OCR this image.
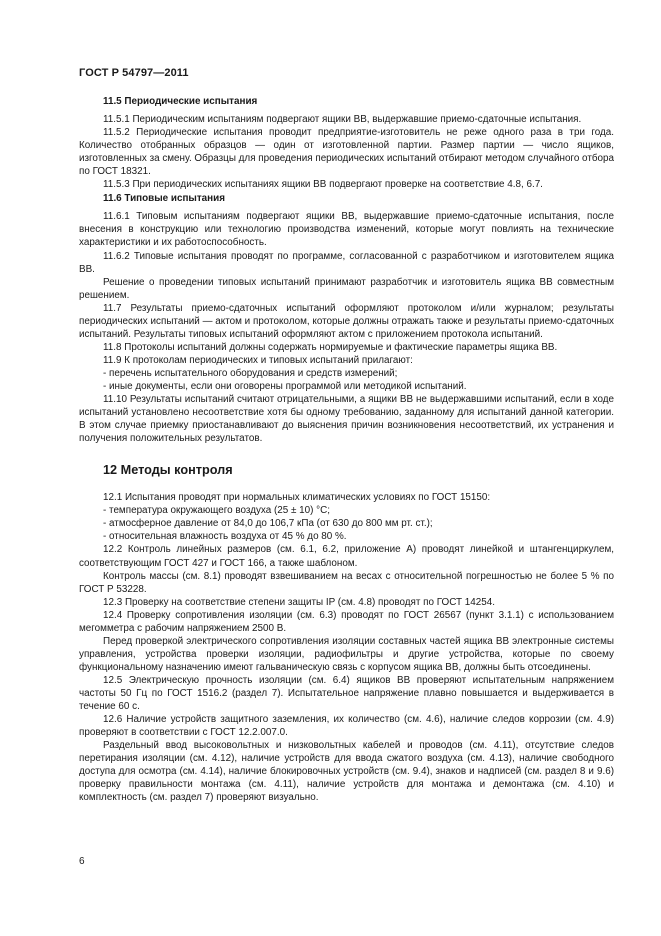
ГОСТ Р 54797—2011

11.5 Периодические испытания

11.5.1 Периодическим испытаниям подвергают ящики ВВ, выдержавшие приемо-сдаточные испытания.

11.5.2 Периодические испытания проводит предприятие-изготовитель не реже одного раза в три года. Количество отобранных образцов — один от изготовленной партии. Размер партии — число ящиков, изготовленных за смену. Образцы для проведения периодических испытаний отбирают методом случайного отбора по ГОСТ 18321.

11.5.3 При периодических испытаниях ящики ВВ подвергают проверке на соответствие 4.8, 6.7.

11.6 Типовые испытания

11.6.1 Типовым испытаниям подвергают ящики ВВ, выдержавшие приемо-сдаточные испытания, после внесения в конструкцию или технологию производства изменений, которые могут повлиять на технические характеристики и их работоспособность.

11.6.2 Типовые испытания проводят по программе, согласованной с разработчиком и изготовителем ящика ВВ.

Решение о проведении типовых испытаний принимают разработчик и изготовитель ящика ВВ совместным решением.

11.7 Результаты приемо-сдаточных испытаний оформляют протоколом и/или журналом; результаты периодических испытаний — актом и протоколом, которые должны отражать также и результаты приемо-сдаточных испытаний. Результаты типовых испытаний оформляют актом с приложением протокола испытаний.

11.8 Протоколы испытаний должны содержать нормируемые и фактические параметры ящика ВВ.

11.9 К протоколам периодических и типовых испытаний прилагают:

- перечень испытательного оборудования и средств измерений;

- иные документы, если они оговорены программой или методикой испытаний.

11.10 Результаты испытаний считают отрицательными, а ящики ВВ не выдержавшими испытаний, если в ходе испытаний установлено несоответствие хотя бы одному требованию, заданному для испытаний данной категории. В этом случае приемку приостанавливают до выяснения причин возникновения несоответствий, их устранения и получения положительных результатов.

12 Методы контроля

12.1 Испытания проводят при нормальных климатических условиях по ГОСТ 15150:

- температура окружающего воздуха (25 ± 10) °С;

- атмосферное давление от 84,0 до 106,7 кПа (от 630 до 800 мм рт. ст.);

- относительная влажность воздуха от 45 % до 80 %.

12.2 Контроль линейных размеров (см. 6.1, 6.2, приложение А) проводят линейкой и штангенциркулем, соответствующим ГОСТ 427 и ГОСТ 166, а также шаблоном.

Контроль массы (см. 8.1) проводят взвешиванием на весах с относительной погрешностью не более 5 % по ГОСТ Р 53228.

12.3 Проверку на соответствие степени защиты IP (см. 4.8) проводят по ГОСТ 14254.

12.4 Проверку сопротивления изоляции (см. 6.3) проводят по ГОСТ 26567 (пункт 3.1.1) с использованием мегомметра с рабочим напряжением 2500 В.

Перед проверкой электрического сопротивления изоляции составных частей ящика ВВ электронные системы управления, устройства проверки изоляции, радиофильтры и другие устройства, которые по своему функциональному назначению имеют гальваническую связь с корпусом ящика ВВ, должны быть отсоединены.

12.5 Электрическую прочность изоляции (см. 6.4) ящиков ВВ проверяют испытательным напряжением частоты 50 Гц по ГОСТ 1516.2 (раздел 7). Испытательное напряжение плавно повышается и выдерживается в течение 60 с.

12.6 Наличие устройств защитного заземления, их количество (см. 4.6), наличие следов коррозии (см. 4.9) проверяют в соответствии с ГОСТ 12.2.007.0.

Раздельный ввод высоковольтных и низковольтных кабелей и проводов (см. 4.11), отсутствие следов перетирания изоляции (см. 4.12), наличие устройств для ввода сжатого воздуха (см. 4.13), наличие свободного доступа для осмотра (см. 4.14), наличие блокировочных устройств (см. 9.4), знаков и надписей (см. раздел 8 и 9.6) проверку правильности монтажа (см. 4.11), наличие устройств для монтажа и демонтажа (см. 4.10) и комплектность (см. раздел 7) проверяют визуально.

6
